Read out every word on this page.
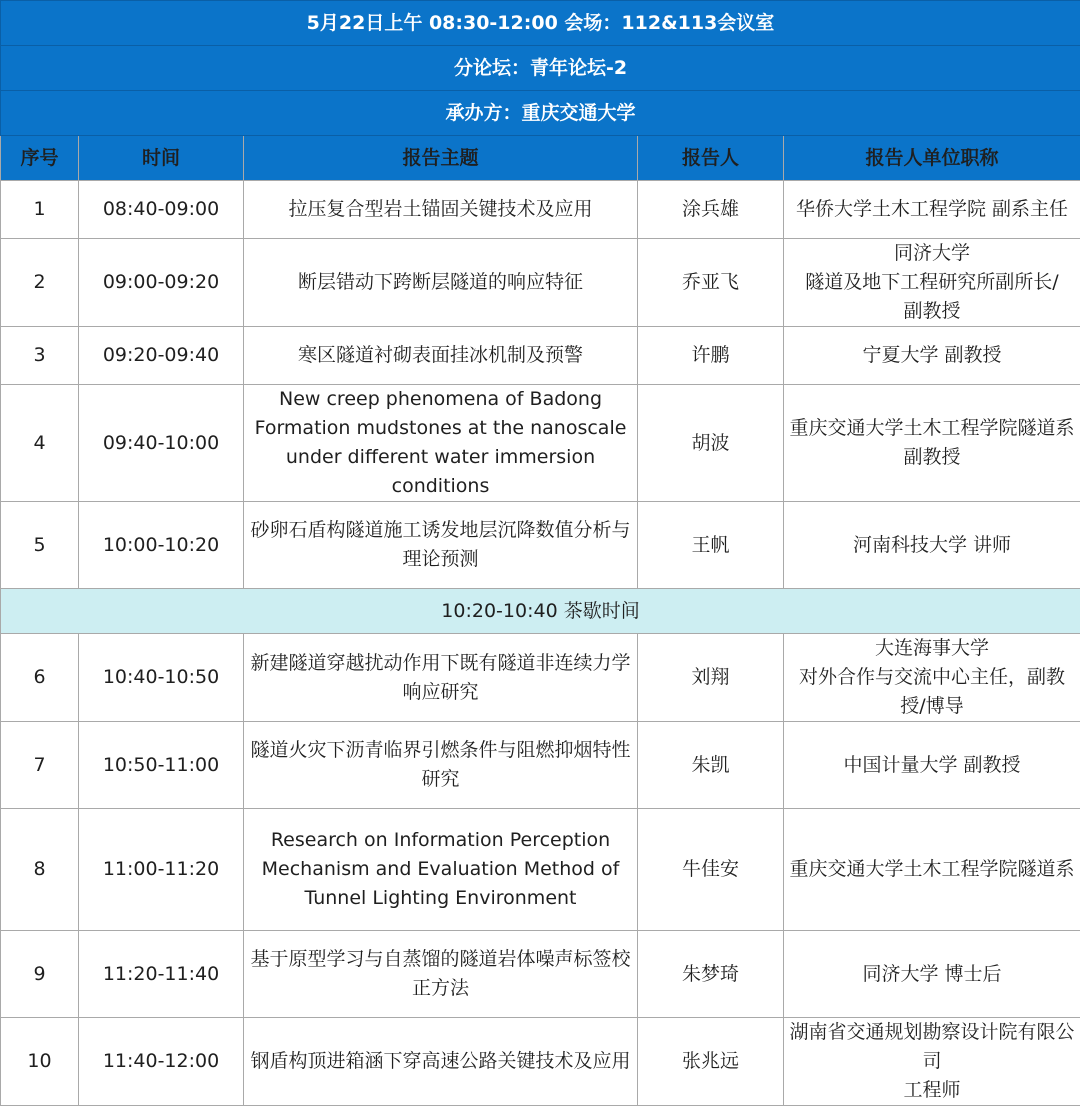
5月22日上午 08:30-12:00 会场：112&113会议室				
分论坛：青年论坛-2				
承办方：重庆交通大学				
序号	时间	报告主题	报告人	报告人单位职称
1	08:40-09:00	拉压复合型岩土锚固关键技术及应用	涂兵雄	华侨大学土木工程学院 副系主任
2	09:00-09:20	断层错动下跨断层隧道的响应特征	乔亚飞	同济大学
隧道及地下工程研究所副所长/
副教授
3	09:20-09:40	寒区隧道衬砌表面挂冰机制及预警	许鹏	宁夏大学 副教授
4	09:40-10:00	New creep phenomena of Badong Formation mudstones at the nanoscale under different water immersion conditions	胡波	重庆交通大学土木工程学院隧道系
副教授
5	10:00-10:20	砂卵石盾构隧道施工诱发地层沉降数值分析与理论预测	王帆	河南科技大学 讲师
10:20-10:40 茶歇时间				
6	10:40-10:50	新建隧道穿越扰动作用下既有隧道非连续力学响应研究	刘翔	大连海事大学
对外合作与交流中心主任，副教授/博导
7	10:50-11:00	隧道火灾下沥青临界引燃条件与阻燃抑烟特性研究	朱凯	中国计量大学 副教授
8	11:00-11:20	Research on Information Perception Mechanism and Evaluation Method of Tunnel Lighting Environment	牛佳安	重庆交通大学土木工程学院隧道系
9	11:20-11:40	基于原型学习与自蒸馏的隧道岩体噪声标签校正方法	朱梦琦	同济大学 博士后
10	11:40-12:00	钢盾构顶进箱涵下穿高速公路关键技术及应用	张兆远	湖南省交通规划勘察设计院有限公司
工程师
